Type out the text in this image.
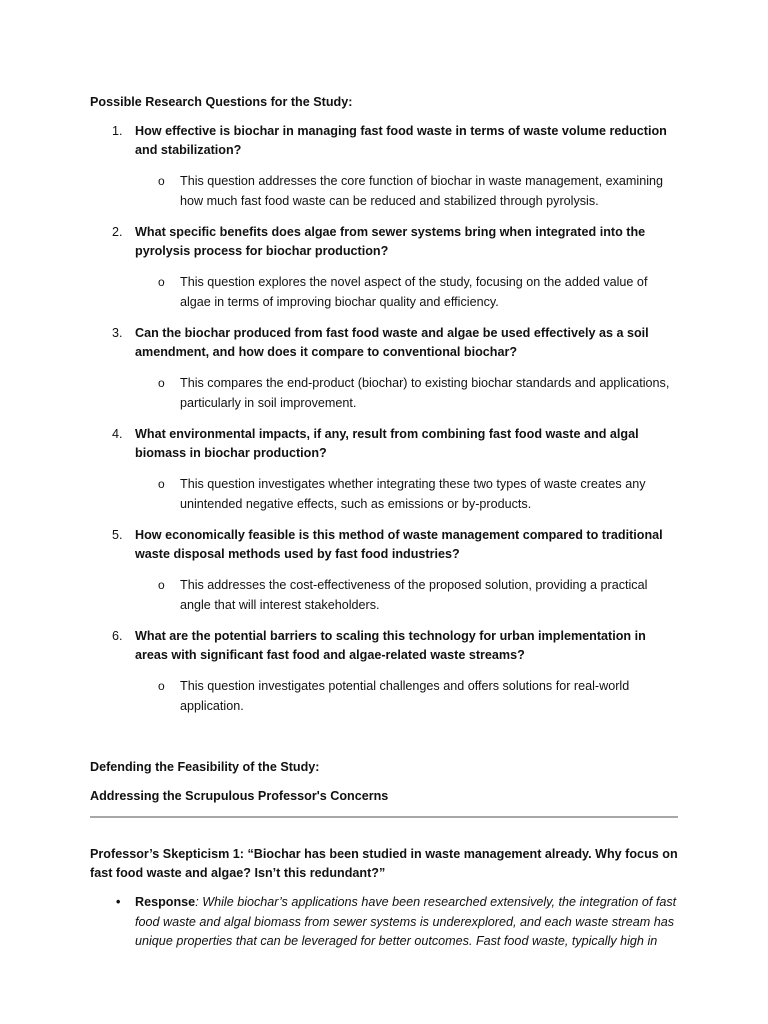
Possible Research Questions for the Study:

1. How effective is biochar in managing fast food waste in terms of waste volume reduction and stabilization?

o This question addresses the core function of biochar in waste management, examining how much fast food waste can be reduced and stabilized through pyrolysis.
2. What specific benefits does algae from sewer systems bring when integrated into the pyrolysis process for biochar production?

o This question explores the novel aspect of the study, focusing on the added value of algae in terms of improving biochar quality and efficiency.
3. Can the biochar produced from fast food waste and algae be used effectively as a soil amendment, and how does it compare to conventional biochar?

o This compares the end-product (biochar) to existing biochar standards and applications, particularly in soil improvement.
4. What environmental impacts, if any, result from combining fast food waste and algal biomass in biochar production?

o This question investigates whether integrating these two types of waste creates any unintended negative effects, such as emissions or by-products.
5. How economically feasible is this method of waste management compared to traditional waste disposal methods used by fast food industries?

o This addresses the cost-effectiveness of the proposed solution, providing a practical angle that will interest stakeholders.
6. What are the potential barriers to scaling this technology for urban implementation in areas with significant fast food and algae-related waste streams?

o This question investigates potential challenges and offers solutions for real-world application.

Defending the Feasibility of the Study:

Addressing the Scrupulous Professor's Concerns

Professor’s Skepticism 1: “Biochar has been studied in waste management already. Why focus on fast food waste and algae? Isn’t this redundant?”

• Response: While biochar’s applications have been researched extensively, the integration of fast food waste and algal biomass from sewer systems is underexplored, and each waste stream has unique properties that can be leveraged for better outcomes. Fast food waste, typically high in
